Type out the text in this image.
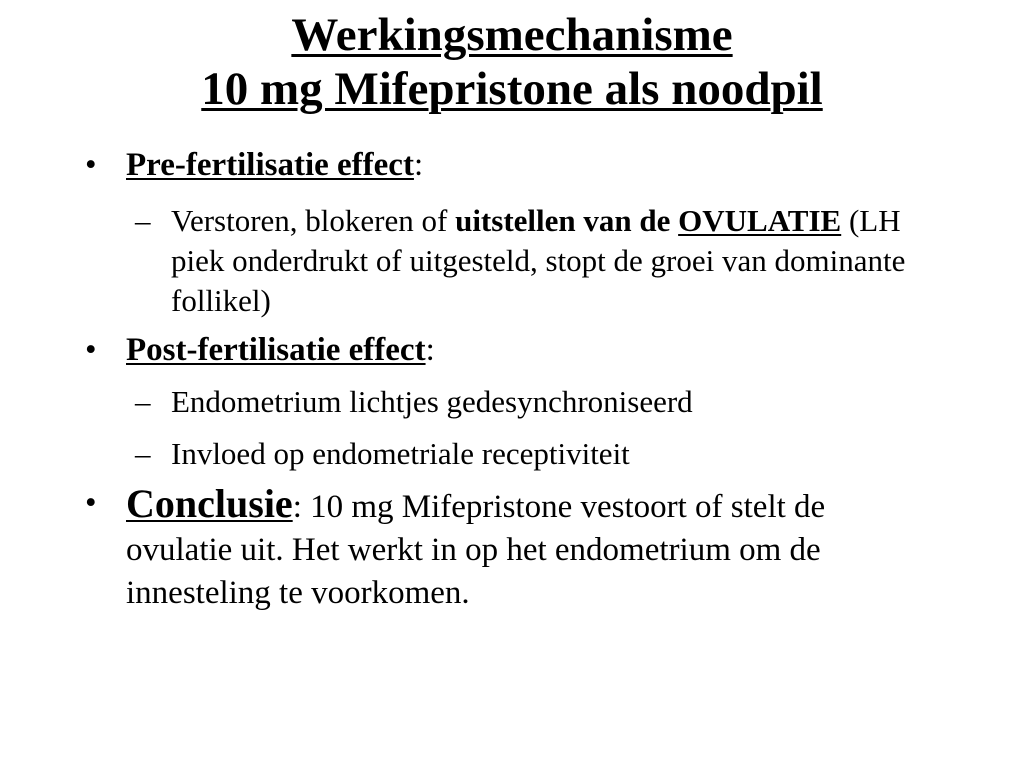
Werkingsmechanisme
10 mg Mifepristone als noodpil
• Pre-fertilisatie effect:
– Verstoren, blokeren of uitstellen van de OVULATIE (LH piek onderdrukt of uitgesteld, stopt de groei van dominante follikel)
• Post-fertilisatie effect:
– Endometrium lichtjes gedesynchroniseerd
– Invloed op endometriale receptiviteit
• Conclusie: 10 mg Mifepristone vestoort of stelt de ovulatie uit. Het werkt in op het endometrium om de innesteling te voorkomen.
